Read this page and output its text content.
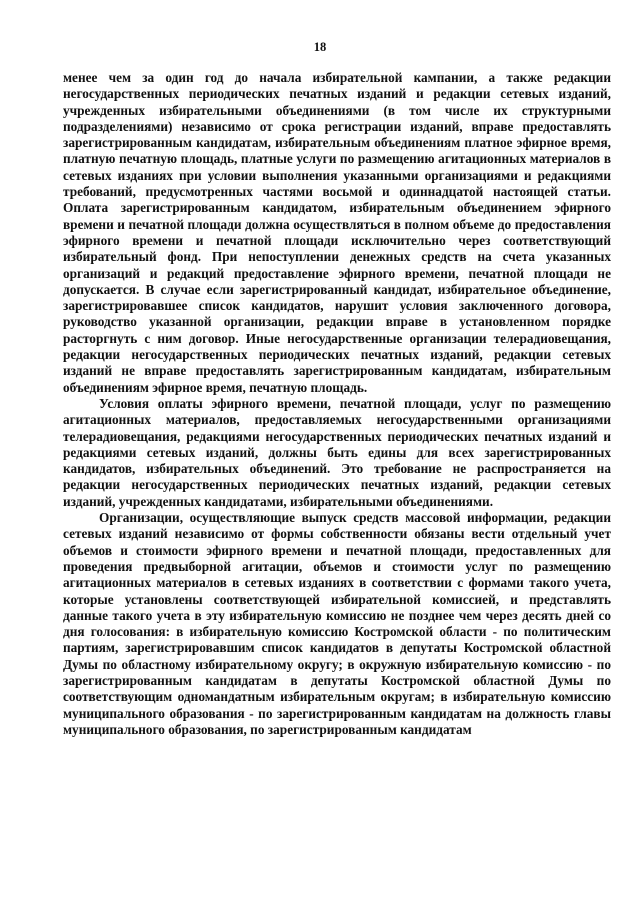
18

менее чем за один год до начала избирательной кампании, а также редакции негосударственных периодических печатных изданий и редакции сетевых изданий, учрежденных избирательными объединениями (в том числе их структурными подразделениями) независимо от срока регистрации изданий, вправе предоставлять зарегистрированным кандидатам, избирательным объединениям платное эфирное время, платную печатную площадь, платные услуги по размещению агитационных материалов в сетевых изданиях при условии выполнения указанными организациями и редакциями требований, предусмотренных частями восьмой и одиннадцатой настоящей статьи. Оплата зарегистрированным кандидатом, избирательным объединением эфирного времени и печатной площади должна осуществляться в полном объеме до предоставления эфирного времени и печатной площади исключительно через соответствующий избирательный фонд. При непоступлении денежных средств на счета указанных организаций и редакций предоставление эфирного времени, печатной площади не допускается. В случае если зарегистрированный кандидат, избирательное объединение, зарегистрировавшее список кандидатов, нарушит условия заключенного договора, руководство указанной организации, редакции вправе в установленном порядке расторгнуть с ним договор. Иные негосударственные организации телерадиовещания, редакции негосударственных периодических печатных изданий, редакции сетевых изданий не вправе предоставлять зарегистрированным кандидатам, избирательным объединениям эфирное время, печатную площадь.

Условия оплаты эфирного времени, печатной площади, услуг по размещению агитационных материалов, предоставляемых негосударственными организациями телерадиовещания, редакциями негосударственных периодических печатных изданий и редакциями сетевых изданий, должны быть едины для всех зарегистрированных кандидатов, избирательных объединений. Это требование не распространяется на редакции негосударственных периодических печатных изданий, редакции сетевых изданий, учрежденных кандидатами, избирательными объединениями.

Организации, осуществляющие выпуск средств массовой информации, редакции сетевых изданий независимо от формы собственности обязаны вести отдельный учет объемов и стоимости эфирного времени и печатной площади, предоставленных для проведения предвыборной агитации, объемов и стоимости услуг по размещению агитационных материалов в сетевых изданиях в соответствии с формами такого учета, которые установлены соответствующей избирательной комиссией, и представлять данные такого учета в эту избирательную комиссию не позднее чем через десять дней со дня голосования: в избирательную комиссию Костромской области - по политическим партиям, зарегистрировавшим список кандидатов в депутаты Костромской областной Думы по областному избирательному округу; в окружную избирательную комиссию - по зарегистрированным кандидатам в депутаты Костромской областной Думы по соответствующим одномандатным избирательным округам; в избирательную комиссию муниципального образования - по зарегистрированным кандидатам на должность главы муниципального образования, по зарегистрированным кандидатам
